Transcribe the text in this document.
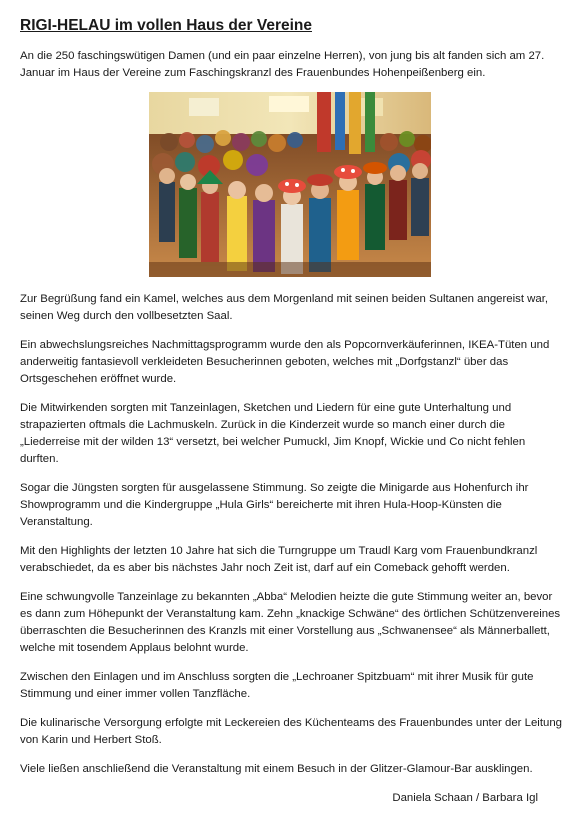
RIGI-HELAU im vollen Haus der Vereine
An die 250 faschingswütigen Damen (und ein paar einzelne Herren), von jung bis alt fanden sich am 27. Januar im Haus der Vereine zum Faschingskranzl des Frauenbundes Hohenpeißenberg ein.
Zur Begrüßung fand ein Kamel, welches aus dem Morgenland mit seinen beiden Sultanen angereist war, seinen Weg durch den vollbesetzten Saal.
Ein abwechslungsreiches Nachmittagsprogramm wurde den als Popcornverkäuferinnen, IKEA-Tüten und anderweitig fantasievoll verkleideten Besucherinnen geboten, welches mit „Dorfgstanzl“ über das Ortsgeschehen eröffnet wurde.
Die Mitwirkenden sorgten mit Tanzeinlagen, Sketchen und Liedern für eine gute Unterhaltung und strapazierten oftmals die Lachmuskeln. Zurück in die Kinderzeit wurde so manch einer durch die „Liederreise mit der wilden 13“ versetzt, bei welcher Pumuckl, Jim Knopf, Wickie und Co nicht fehlen durften.
Sogar die Jüngsten sorgten für ausgelassene Stimmung. So zeigte die Minigarde aus Hohenfurch ihr Showprogramm und die Kindergruppe „Hula Girls“ bereicherte mit ihren Hula-Hoop-Künsten die Veranstaltung.
Mit den Highlights der letzten 10 Jahre hat sich die Turngruppe um Traudl Karg vom Frauenbundkranzl verabschiedet, da es aber bis nächstes Jahr noch Zeit ist, darf auf ein Comeback gehofft werden.
Eine schwungvolle Tanzeinlage zu bekannten „Abba“ Melodien heizte die gute Stimmung weiter an, bevor es dann zum Höhepunkt der Veranstaltung kam. Zehn „knackige Schwäne“ des örtlichen Schützenvereines überraschten die Besucherinnen des Kranzls mit einer Vorstellung aus „Schwanensee“ als Männerballett, welche mit tosendem Applaus belohnt wurde.
Zwischen den Einlagen und im Anschluss sorgten die „Lechroaner Spitzbuam“ mit ihrer Musik für gute Stimmung und einer immer vollen Tanzfläche.
Die kulinarische Versorgung erfolgte mit Leckereien des Küchenteams des Frauenbundes unter der Leitung von Karin und Herbert Stoß.
Viele ließen anschließend die Veranstaltung mit einem Besuch in der Glitzer-Glamour-Bar ausklingen.
Daniela Schaan / Barbara Igl
